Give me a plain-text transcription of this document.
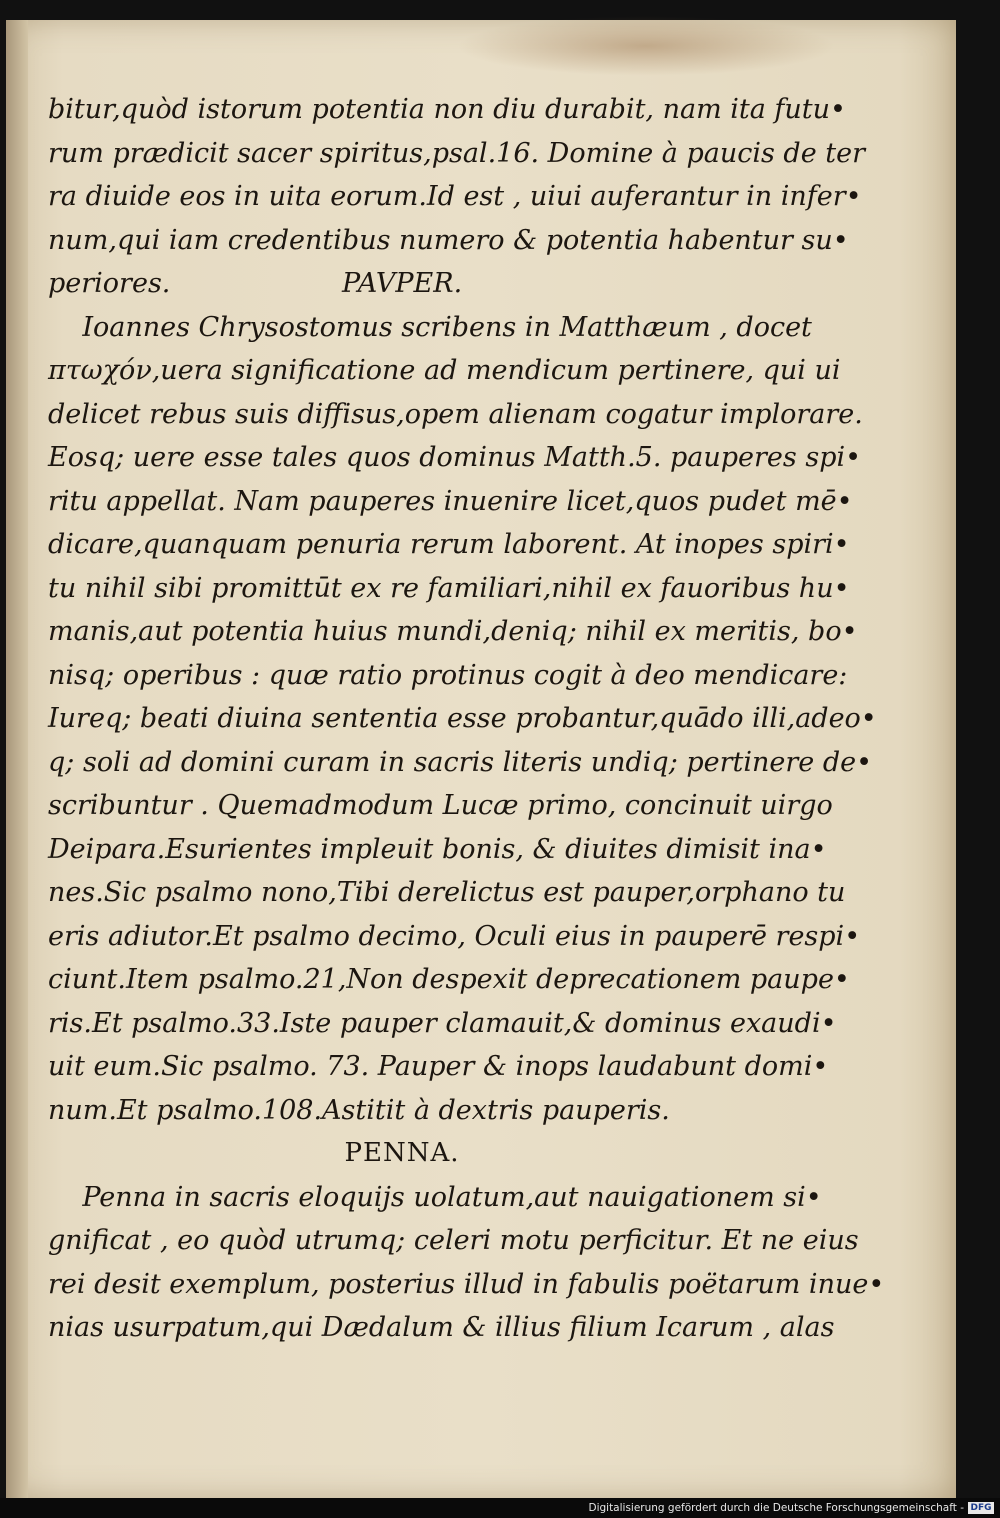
bitur,quòd istorum potentia non diu durabit, nam ita futu•
rum prædicit sacer spiritus,psal.16. Domine à paucis de ter
ra diuide eos in uita eorum.Id est , uiui auferantur in infer•
num,qui iam credentibus numero & potentia habentur su•
periores.                    PAVPER.
Ioannes Chrysostomus scribens in Matthæum , docet
πτωχόν,uera significatione ad mendicum pertinere, qui ui
delicet rebus suis diffisus,opem alienam cogatur implorare.
Eosq; uere esse tales quos dominus Matth.5. pauperes spi•
ritu appellat. Nam pauperes inuenire licet,quos pudet mē•
dicare,quanquam penuria rerum laborent. At inopes spiri•
tu nihil sibi promittūt ex re familiari,nihil ex fauoribus hu•
manis,aut potentia huius mundi,deniq; nihil ex meritis, bo•
nisq; operibus : quæ ratio protinus cogit à deo mendicare:
Iureq; beati diuina sententia esse probantur,quādo illi,adeo•
q; soli ad domini curam in sacris literis undiq; pertinere de•
scribuntur . Quemadmodum Lucæ primo, concinuit uirgo
Deipara.Esurientes impleuit bonis, & diuites dimisit ina•
nes.Sic psalmo nono,Tibi derelictus est pauper,orphano tu
eris adiutor.Et psalmo decimo, Oculi eius in pauperē respi•
ciunt.Item psalmo.21,Non despexit deprecationem paupe•
ris.Et psalmo.33.Iste pauper clamauit,& dominus exaudi•
uit eum.Sic psalmo. 73. Pauper & inops laudabunt domi•
num.Et psalmo.108.Astitit à dextris pauperis.
PENNA.
Penna in sacris eloquijs uolatum,aut nauigationem si•
gnificat , eo quòd utrumq; celeri motu perficitur. Et ne eius
rei desit exemplum, posterius illud in fabulis poëtarum inue•
nias usurpatum,qui Dædalum & illius filium Icarum , alas
Digitalisierung gefördert durch die Deutsche Forschungsgemeinschaft - DFG
